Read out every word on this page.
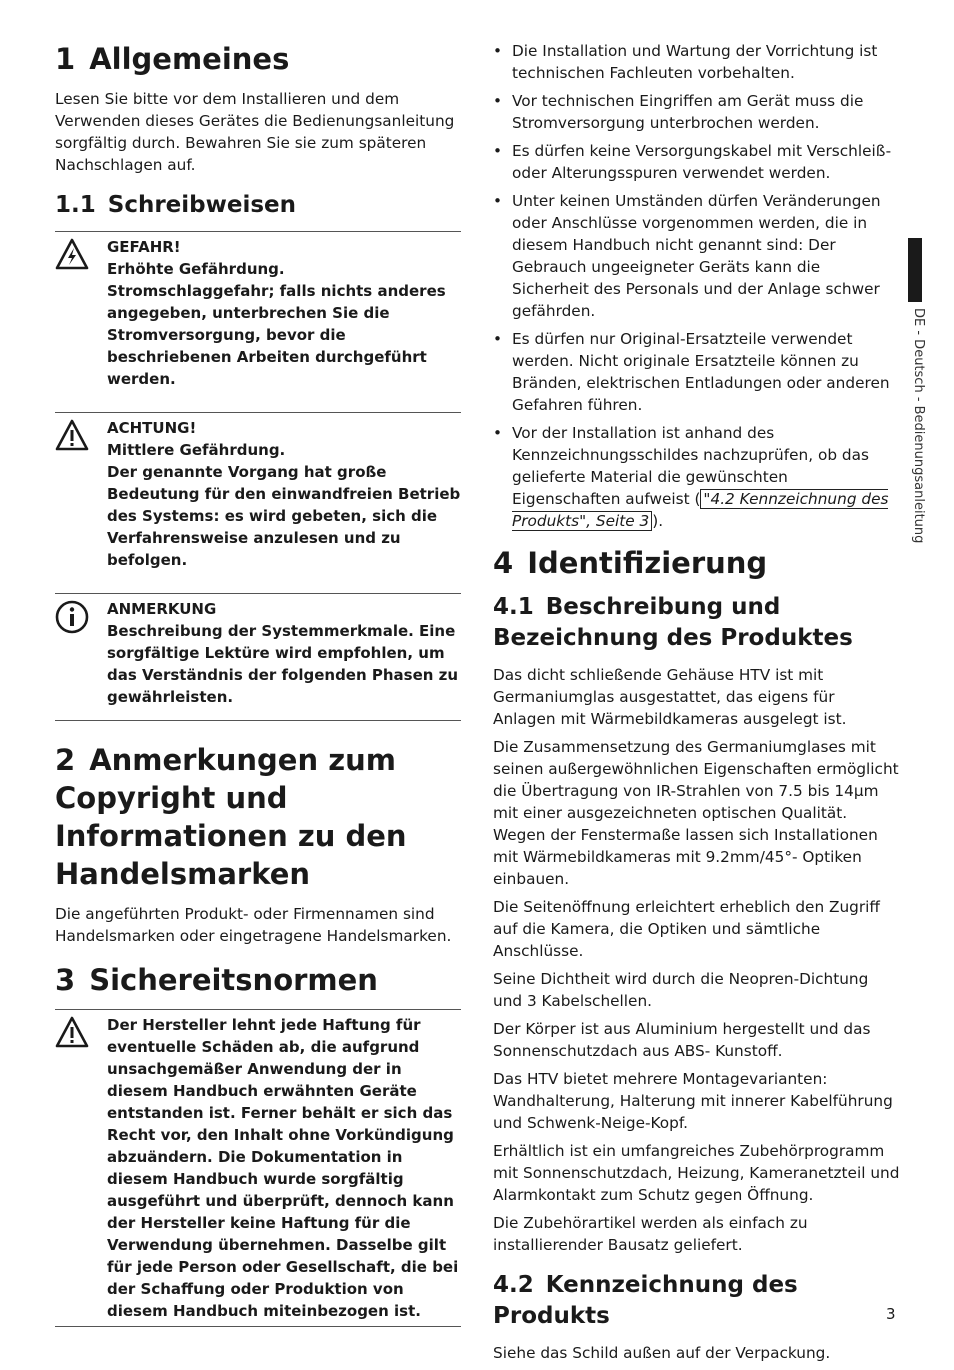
1 Allgemeines

Lesen Sie bitte vor dem Installieren und dem Verwenden dieses Gerätes die Bedienungsanleitung sorgfältig durch. Bewahren Sie sie zum späteren Nachschlagen auf.

1.1 Schreibweisen
GEFAHR!
Erhöhte Gefährdung.
Stromschlaggefahr; falls nichts anderes angegeben, unterbrechen Sie die Stromversorgung, bevor die beschriebenen Arbeiten durchgeführt werden.
ACHTUNG!
Mittlere Gefährdung.
Der genannte Vorgang hat große Bedeutung für den einwandfreien Betrieb des Systems: es wird gebeten, sich die Verfahrensweise anzulesen und zu befolgen.
ANMERKUNG
Beschreibung der Systemmerkmale. Eine sorgfältige Lektüre wird empfohlen, um das Verständnis der folgenden Phasen zu gewährleisten.
2 Anmerkungen zum Copyright und Informationen zu den Handelsmarken

Die angeführten Produkt- oder Firmennamen sind Handelsmarken oder eingetragene Handelsmarken.

3 Sichereitsnormen
Der Hersteller lehnt jede Haftung für eventuelle Schäden ab, die aufgrund unsachgemäßer Anwendung der in diesem Handbuch erwähnten Geräte entstanden ist. Ferner behält er sich das Recht vor, den Inhalt ohne Vorkündigung abzuändern. Die Dokumentation in diesem Handbuch wurde sorgfältig ausgeführt und überprüft, dennoch kann der Hersteller keine Haftung für die Verwendung übernehmen. Dasselbe gilt für jede Person oder Gesellschaft, die bei der Schaffung oder Produktion von diesem Handbuch miteinbezogen ist.
• Die Installation und Wartung der Vorrichtung ist technischen Fachleuten vorbehalten.
• Vor technischen Eingriffen am Gerät muss die Stromversorgung unterbrochen werden.
• Es dürfen keine Versorgungskabel mit Verschleiß- oder Alterungsspuren verwendet werden.
• Unter keinen Umständen dürfen Veränderungen oder Anschlüsse vorgenommen werden, die in diesem Handbuch nicht genannt sind: Der Gebrauch ungeeigneter Geräts kann die Sicherheit des Personals und der Anlage schwer gefährden.
• Es dürfen nur Original-Ersatzteile verwendet werden. Nicht originale Ersatzteile können zu Bränden, elektrischen Entladungen oder anderen Gefahren führen.
• Vor der Installation ist anhand des Kennzeichnungsschildes nachzuprüfen, ob das gelieferte Material die gewünschten Eigenschaften aufweist ( "4.2 Kennzeichnung des Produkts", Seite 3 ).
4 Identifizierung
4.1 Beschreibung und Bezeichnung des Produktes

Das dicht schließende Gehäuse HTV ist mit Germaniumglas ausgestattet, das eigens für Anlagen mit Wärmebildkameras ausgelegt ist.

Die Zusammensetzung des Germaniumglases mit seinen außergewöhnlichen Eigenschaften ermöglicht die Übertragung von IR-Strahlen von 7.5 bis 14µm mit einer ausgezeichneten optischen Qualität. Wegen der Fenstermaße lassen sich Installationen mit Wärmebildkameras mit 9.2mm/45°- Optiken einbauen.

Die Seitenöffnung erleichtert erheblich den Zugriff auf die Kamera, die Optiken und sämtliche Anschlüsse.

Seine Dichtheit wird durch die Neopren-Dichtung und 3 Kabelschellen.

Der Körper ist aus Aluminium hergestellt und das Sonnenschutzdach aus ABS- Kunstoff.

Das HTV bietet mehrere Montagevarianten: Wandhalterung, Halterung mit innerer Kabelführung und Schwenk-Neige-Kopf.

Erhältlich ist ein umfangreiches Zubehörprogramm mit Sonnenschutzdach, Heizung, Kameranetzteil und Alarmkontakt zum Schutz gegen Öffnung.

Die Zubehörartikel werden als einfach zu installierender Bausatz geliefert.

4.2 Kennzeichnung des Produkts

Siehe das Schild außen auf der Verpackung.

DE - Deutsch - Bedienungsanleitung
3
